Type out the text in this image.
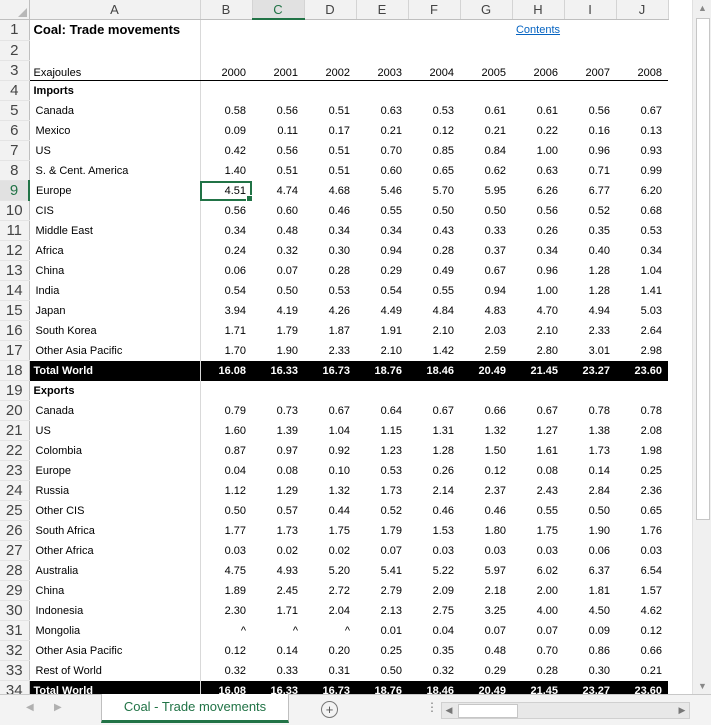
	A	B	C	D	E	F	G	H	I	J
1	Coal: Trade movements							Contents		
2										
3	Exajoules	2000	2001	2002	2003	2004	2005	2006	2007	2008
4	Imports									
5	Canada	0.58	0.56	0.51	0.63	0.53	0.61	0.61	0.56	0.67
6	Mexico	0.09	0.11	0.17	0.21	0.12	0.21	0.22	0.16	0.13
7	US	0.42	0.56	0.51	0.70	0.85	0.84	1.00	0.96	0.93
8	S. & Cent. America	1.40	0.51	0.51	0.60	0.65	0.62	0.63	0.71	0.99
9	Europe	4.51	4.74	4.68	5.46	5.70	5.95	6.26	6.77	6.20
10	CIS	0.56	0.60	0.46	0.55	0.50	0.50	0.56	0.52	0.68
11	Middle East	0.34	0.48	0.34	0.34	0.43	0.33	0.26	0.35	0.53
12	Africa	0.24	0.32	0.30	0.94	0.28	0.37	0.34	0.40	0.34
13	China	0.06	0.07	0.28	0.29	0.49	0.67	0.96	1.28	1.04
14	India	0.54	0.50	0.53	0.54	0.55	0.94	1.00	1.28	1.41
15	Japan	3.94	4.19	4.26	4.49	4.84	4.83	4.70	4.94	5.03
16	South Korea	1.71	1.79	1.87	1.91	2.10	2.03	2.10	2.33	2.64
17	Other Asia Pacific	1.70	1.90	2.33	2.10	1.42	2.59	2.80	3.01	2.98
18	Total World	16.08	16.33	16.73	18.76	18.46	20.49	21.45	23.27	23.60
19	Exports									
20	Canada	0.79	0.73	0.67	0.64	0.67	0.66	0.67	0.78	0.78
21	US	1.60	1.39	1.04	1.15	1.31	1.32	1.27	1.38	2.08
22	Colombia	0.87	0.97	0.92	1.23	1.28	1.50	1.61	1.73	1.98
23	Europe	0.04	0.08	0.10	0.53	0.26	0.12	0.08	0.14	0.25
24	Russia	1.12	1.29	1.32	1.73	2.14	2.37	2.43	2.84	2.36
25	Other CIS	0.50	0.57	0.44	0.52	0.46	0.46	0.55	0.50	0.65
26	South Africa	1.77	1.73	1.75	1.79	1.53	1.80	1.75	1.90	1.76
27	Other Africa	0.03	0.02	0.02	0.07	0.03	0.03	0.03	0.06	0.03
28	Australia	4.75	4.93	5.20	5.41	5.22	5.97	6.02	6.37	6.54
29	China	1.89	2.45	2.72	2.79	2.09	2.18	2.00	1.81	1.57
30	Indonesia	2.30	1.71	2.04	2.13	2.75	3.25	4.00	4.50	4.62
31	Mongolia	^	^	^	0.01	0.04	0.07	0.07	0.09	0.12
32	Other Asia Pacific	0.12	0.14	0.20	0.25	0.35	0.48	0.70	0.86	0.66
33	Rest of World	0.32	0.33	0.31	0.50	0.32	0.29	0.28	0.30	0.21
34	Total World	16.08	16.33	16.73	18.76	18.46	20.49	21.45	23.27	23.60
▲
▼
◀ ▶	Coal - Trade movements	+	⋮ ◀	▶
